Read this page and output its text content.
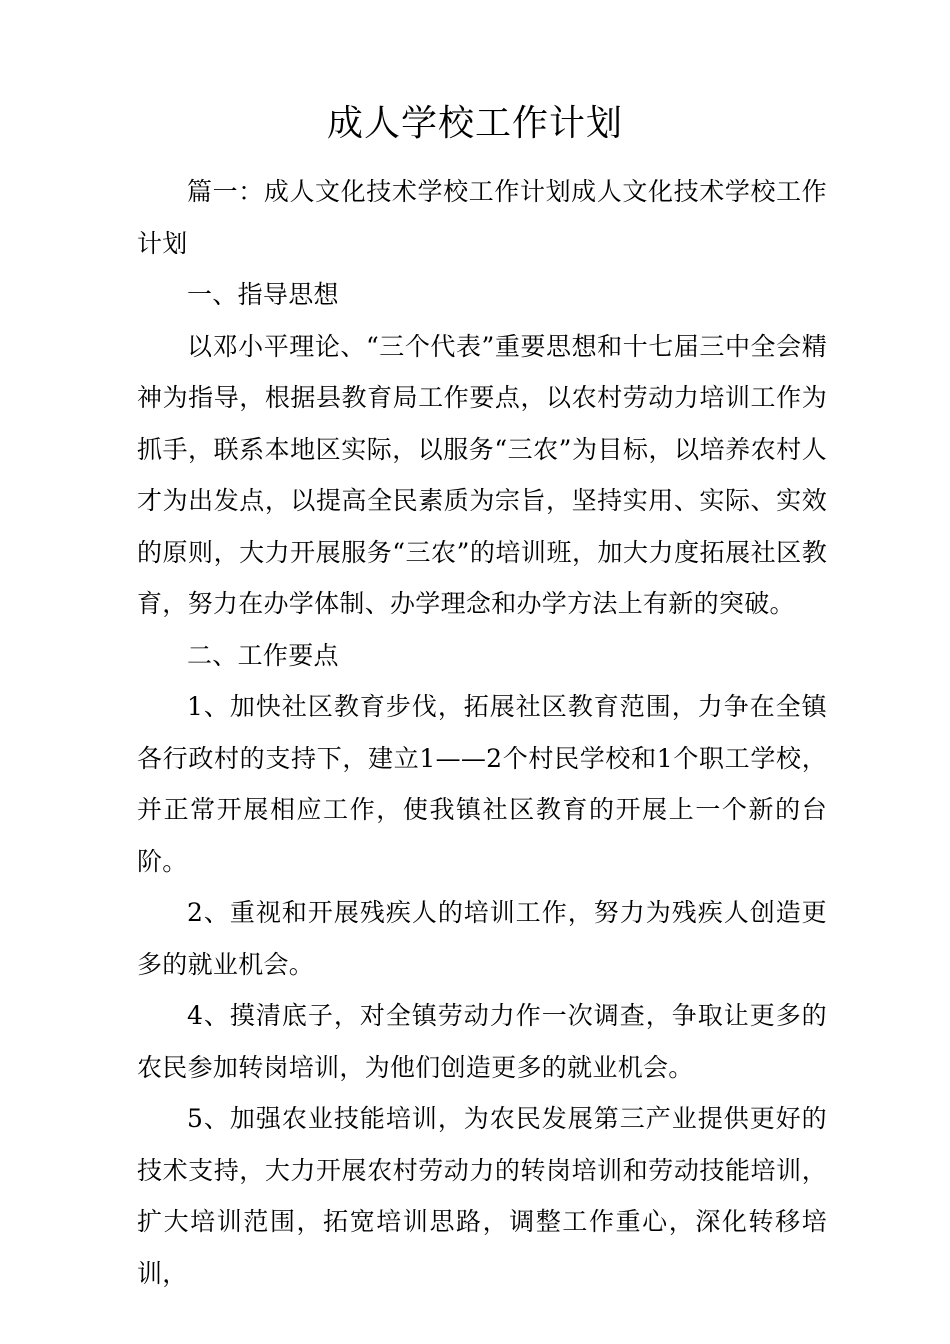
成人学校工作计划

篇一：成人文化技术学校工作计划成人文化技术学校工作计划

一、指导思想

以邓小平理论、“三个代表”重要思想和十七届三中全会精神为指导，根据县教育局工作要点，以农村劳动力培训工作为抓手，联系本地区实际，以服务“三农”为目标，以培养农村人才为出发点，以提高全民素质为宗旨，坚持实用、实际、实效的原则，大力开展服务“三农”的培训班，加大力度拓展社区教育，努力在办学体制、办学理念和办学方法上有新的突破。

二、工作要点

1、加快社区教育步伐，拓展社区教育范围，力争在全镇各行政村的支持下，建立1——2个村民学校和1个职工学校，并正常开展相应工作，使我镇社区教育的开展上一个新的台阶。

2、重视和开展残疾人的培训工作，努力为残疾人创造更多的就业机会。

4、摸清底子，对全镇劳动力作一次调查，争取让更多的农民参加转岗培训，为他们创造更多的就业机会。

5、加强农业技能培训，为农民发展第三产业提供更好的技术支持，大力开展农村劳动力的转岗培训和劳动技能培训，扩大培训范围，拓宽培训思路，调整工作重心，深化转移培训，
